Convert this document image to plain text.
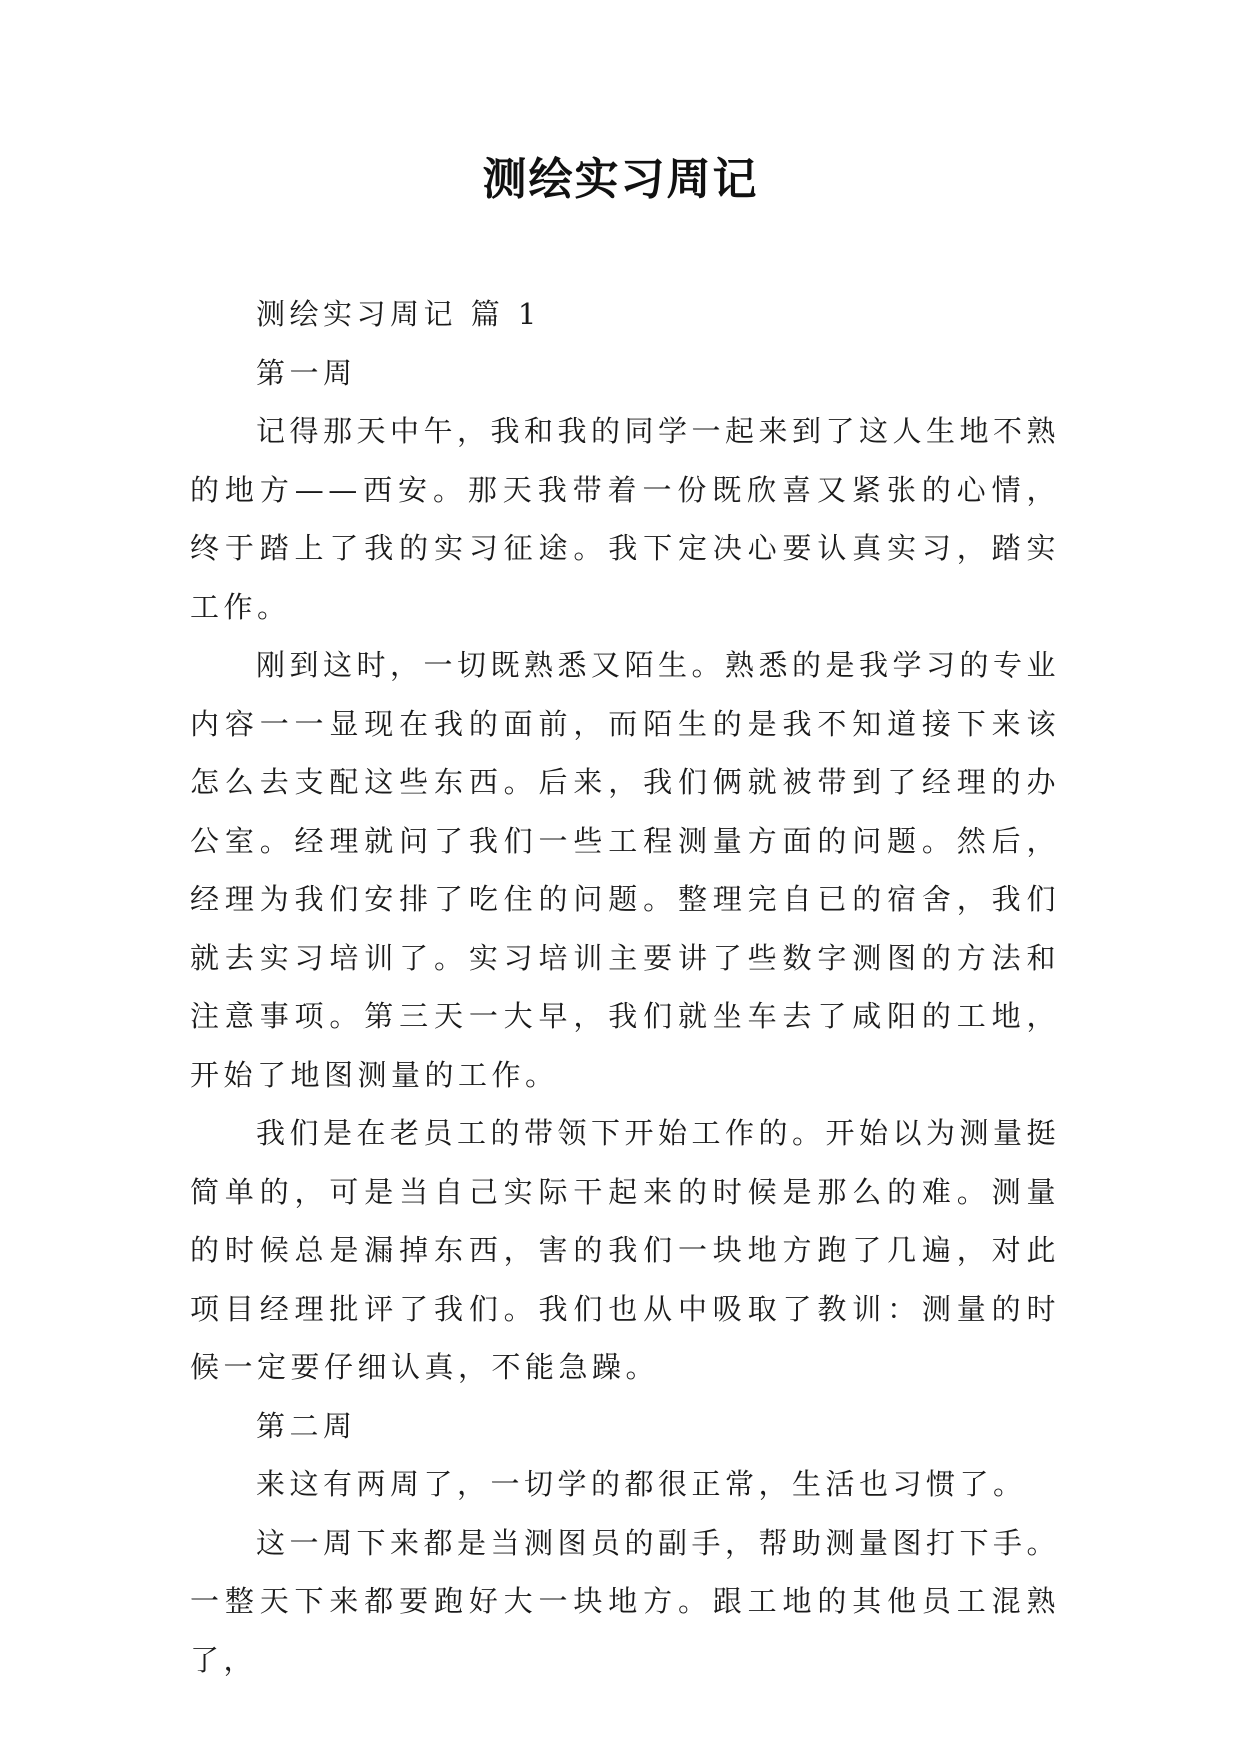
测绘实习周记

测绘实习周记 篇 1

第一周

记得那天中午，我和我的同学一起来到了这人生地不熟的地方——西安。那天我带着一份既欣喜又紧张的心情，终于踏上了我的实习征途。我下定决心要认真实习，踏实工作。

刚到这时，一切既熟悉又陌生。熟悉的是我学习的专业内容一一显现在我的面前，而陌生的是我不知道接下来该怎么去支配这些东西。后来，我们俩就被带到了经理的办公室。经理就问了我们一些工程测量方面的问题。然后，经理为我们安排了吃住的问题。整理完自已的宿舍，我们就去实习培训了。实习培训主要讲了些数字测图的方法和注意事项。第三天一大早，我们就坐车去了咸阳的工地，开始了地图测量的工作。

我们是在老员工的带领下开始工作的。开始以为测量挺简单的，可是当自己实际干起来的时候是那么的难。测量的时候总是漏掉东西，害的我们一块地方跑了几遍，对此项目经理批评了我们。我们也从中吸取了教训：测量的时候一定要仔细认真，不能急躁。

第二周

来这有两周了，一切学的都很正常，生活也习惯了。

这一周下来都是当测图员的副手，帮助测量图打下手。一整天下来都要跑好大一块地方。跟工地的其他员工混熟了，
